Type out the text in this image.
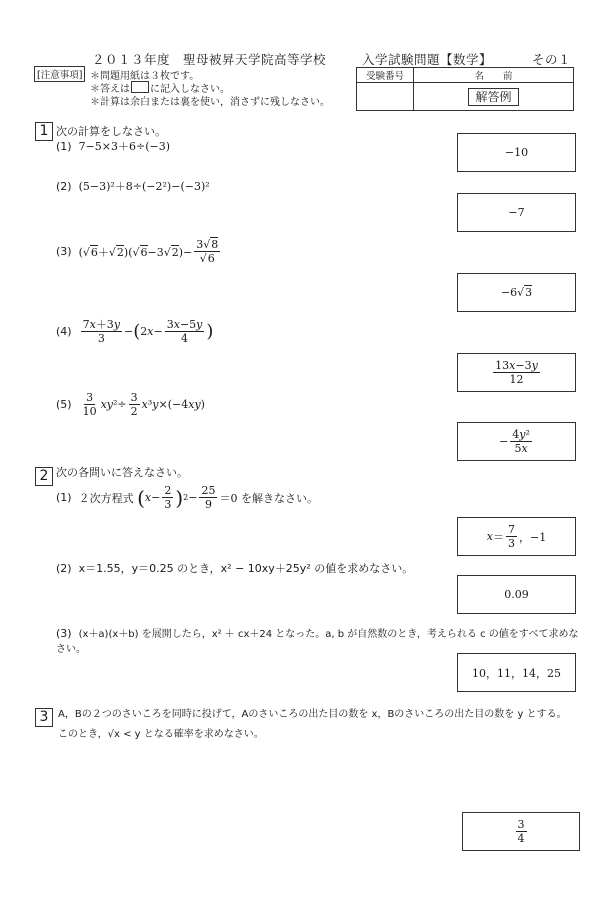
２０１３年度　聖母被昇天学院高等学校	入学試験問題【数学】	その１
[注意事項] ＊問題用紙は３枚です。
＊答えは に記入しなさい。
＊計算は余白または裏を使い，消さずに残しなさい。
受験番号	名　　前
	解答例
1 次の計算をしなさい。
(1) 7−5×3＋6÷(−3)	−10
(2) (5−3)²＋8÷(−2²)−(−3)²
−7
(3)
$(√6+√2)(√6-3√2)- \frac{3√8}{√6}$
−6√3
(4)
$\frac{7x+3y}{3}$ − ( $2x- \frac{3x-5y}{4}$ )
$\frac{13x-3y}{12}$
(5)
$\frac{3}{10} xy^2\div \frac{3}{2} x^3y\times(-4xy)$
− $\frac{\text{4y²}}{5x}$
2 次の各問いに答えなさい。
(1)
２次方程式
( $x - \frac{2}{3}$ ) $2 - \frac{25}{9} =0$
を解きなさい。
$x = \frac{7}{3}$ ，−1
(2) x＝1.55，y＝0.25 のとき，x² − 10xy＋25y² の値を求めなさい。
0.09
(3) (x＋a)(x＋b) を展開したら，x² ＋ cx＋24 となった。a, b が自然数のとき，考えられる c の値をすべて求めなさい。
10，11，14，25
3 A，Bの２つのさいころを同時に投げて，Aのさいころの出た目の数を x，Bのさいころの出た目の数を y とする。
このとき，√x < y となる確率を求めなさい。
$\frac{3}{4}$
